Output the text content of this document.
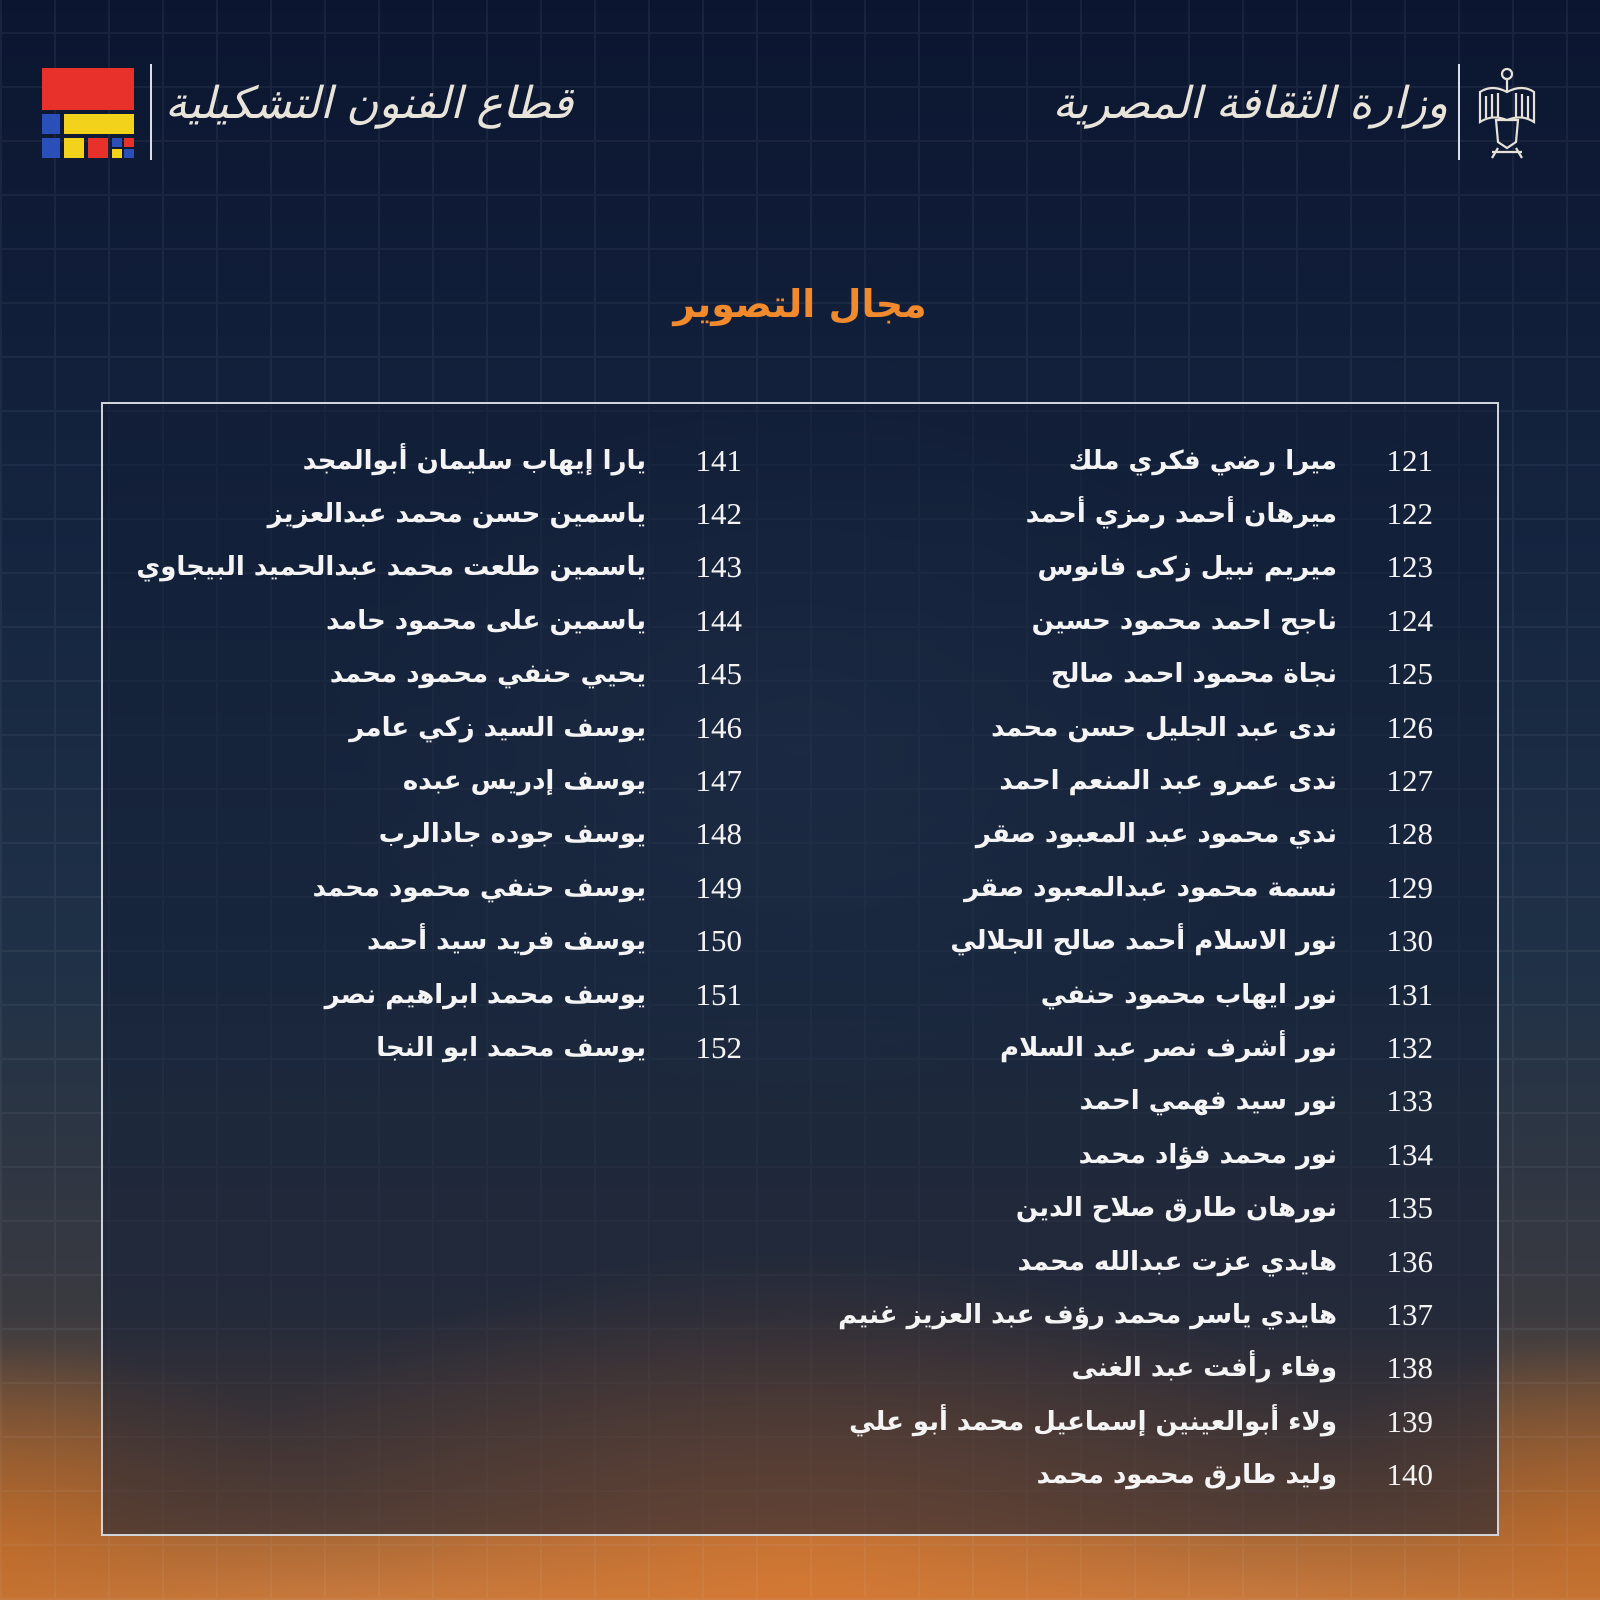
قطاع الفنون التشكيلية	وزارة الثقافة المصرية
مجال التصوير
121
ميرا رضي فكري ملك
122
ميرهان أحمد رمزي أحمد
123
ميريم نبيل زكى فانوس
124
ناجح احمد محمود حسين
125
نجاة محمود احمد صالح
126
ندى عبد الجليل حسن محمد
127
ندى عمرو عبد المنعم احمد
128
ندي محمود عبد المعبود صقر
129
نسمة محمود عبدالمعبود صقر
130
نور الاسلام أحمد صالح الجلالي
131
نور ايهاب محمود حنفي
132
نور أشرف نصر عبد السلام
133
نور سيد فهمي احمد
134
نور محمد فؤاد محمد
135
نورهان طارق صلاح الدين
136
هايدي عزت عبدالله محمد
137
هايدي ياسر محمد رؤف عبد العزيز غنيم
138
وفاء رأفت عبد الغنى
139
ولاء أبوالعينين إسماعيل محمد أبو علي
140
وليد طارق محمود محمد
141
يارا إيهاب سليمان أبوالمجد
142
ياسمين حسن محمد عبدالعزيز
143
ياسمين طلعت محمد عبدالحميد البيجاوي
144
ياسمين على محمود حامد
145
يحيي حنفي محمود محمد
146
يوسف السيد زكي عامر
147
يوسف إدريس عبده
148
يوسف جوده جادالرب
149
يوسف حنفي محمود محمد
150
يوسف فريد سيد أحمد
151
يوسف محمد ابراهيم نصر
152
يوسف محمد ابو النجا
